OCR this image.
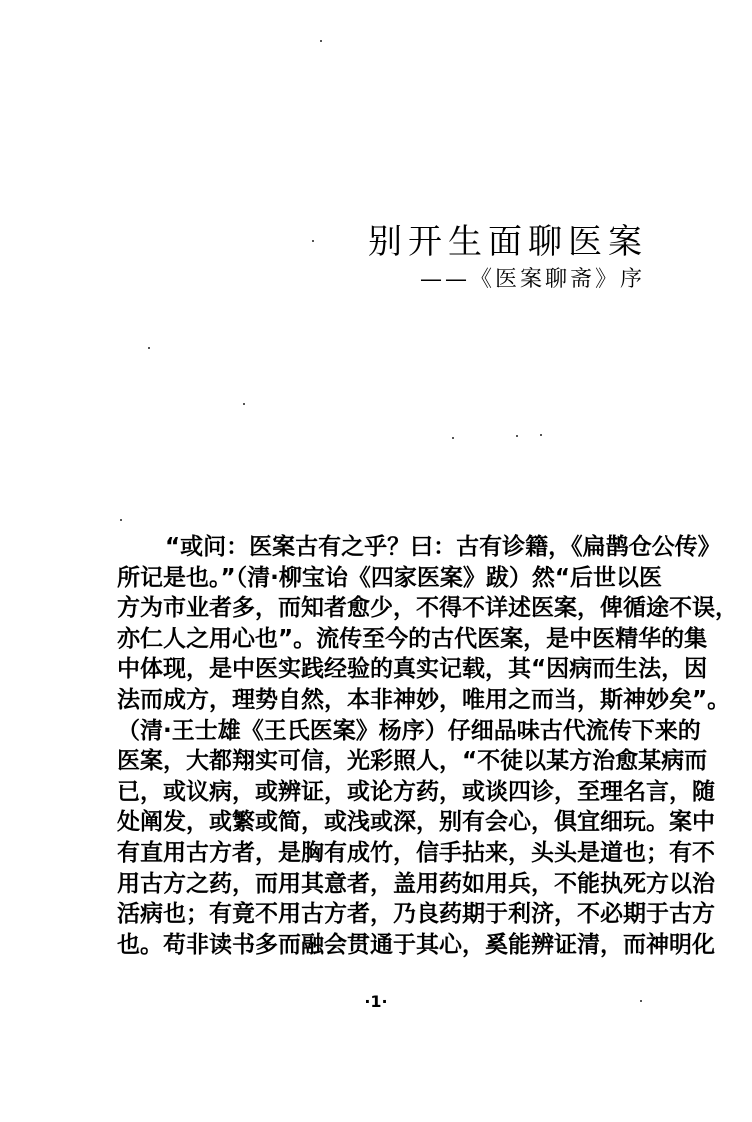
别开生面聊医案
——《医案聊斋》序
“或问：医案古有之乎？曰：古有诊籍，《扁鹊仓公传》
所记是也。”（清·柳宝诒《四家医案》跋）然“后世以医
方为市业者多，而知者愈少，不得不详述医案，俾循途不误，
亦仁人之用心也”。流传至今的古代医案，是中医精华的集
中体现，是中医实践经验的真实记载，其“因病而生法，因
法而成方，理势自然，本非神妙，唯用之而当，斯神妙矣”。
（清·王士雄《王氏医案》杨序）仔细品味古代流传下来的
医案，大都翔实可信，光彩照人，“不徒以某方治愈某病而
已，或议病，或辨证，或论方药，或谈四诊，至理名言，随
处阐发，或繁或简，或浅或深，别有会心，俱宜细玩。案中
有直用古方者，是胸有成竹，信手拈来，头头是道也；有不
用古方之药，而用其意者，盖用药如用兵，不能执死方以治
活病也；有竟不用古方者，乃良药期于利济，不必期于古方
也。苟非读书多而融会贯通于其心，奚能辨证清，而神明化
·1·
